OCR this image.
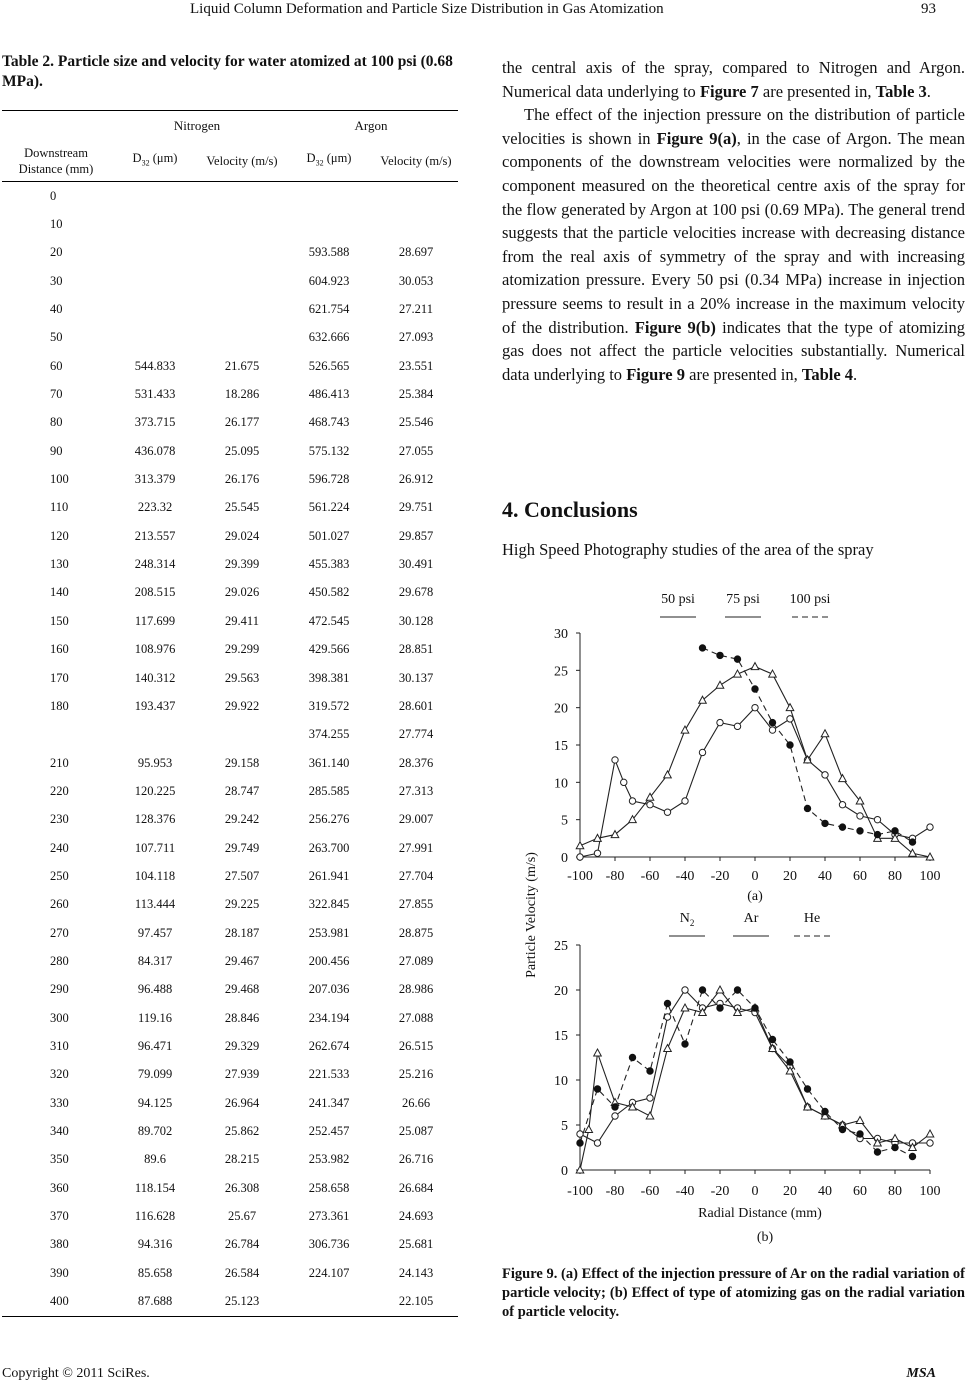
Liquid Column Deformation and Particle Size Distribution in Gas Atomization	93
Table 2. Particle size and velocity for water atomized at 100 psi (0.68 MPa).
	Nitrogen		Argon	
Downstream Distance (mm)	$D_{32}$ (μm)	Velocity (m/s)	$D_{32}$ (μm)	Velocity (m/s)
0				
10				
20			593.588	28.697
30			604.923	30.053
40			621.754	27.211
50			632.666	27.093
60	544.833	21.675	526.565	23.551
70	531.433	18.286	486.413	25.384
80	373.715	26.177	468.743	25.546
90	436.078	25.095	575.132	27.055
100	313.379	26.176	596.728	26.912
110	223.32	25.545	561.224	29.751
120	213.557	29.024	501.027	29.857
130	248.314	29.399	455.383	30.491
140	208.515	29.026	450.582	29.678
150	117.699	29.411	472.545	30.128
160	108.976	29.299	429.566	28.851
170	140.312	29.563	398.381	30.137
180	193.437	29.922	319.572	28.601
			374.255	27.774
210	95.953	29.158	361.140	28.376
220	120.225	28.747	285.585	27.313
230	128.376	29.242	256.276	29.007
240	107.711	29.749	263.700	27.991
250	104.118	27.507	261.941	27.704
260	113.444	29.225	322.845	27.855
270	97.457	28.187	253.981	28.875
280	84.317	29.467	200.456	27.089
290	96.488	29.468	207.036	28.986
300	119.16	28.846	234.194	27.088
310	96.471	29.329	262.674	26.515
320	79.099	27.939	221.533	25.216
330	94.125	26.964	241.347	26.66
340	89.702	25.862	252.457	25.087
350	89.6	28.215	253.982	26.716
360	118.154	26.308	258.658	26.684
370	116.628	25.67	273.361	24.693
380	94.316	26.784	306.736	25.681
390	85.658	26.584	224.107	24.143
400	87.688	25.123		22.105

the central axis of the spray, compared to Nitrogen and Argon. Numerical data underlying to Figure 7 are presented in, Table 3.

The effect of the injection pressure on the distribution of particle velocities is shown in Figure 9(a), in the case of Argon. The mean components of the downstream velocities were normalized by the component measured on the theoretical centre axis of the spray for the flow generated by Argon at 100 psi (0.69 MPa). The general trend suggests that the particle velocities increase with decreasing distance from the real axis of symmetry of the spray and with increasing atomization pressure. Every 50 psi (0.34 MPa) increase in injection pressure seems to result in a 20% increase in the maximum velocity of the distribution. Figure 9(b) indicates that the type of atomizing gas does not affect the particle velocities substantially. Numerical data underlying to Figure 9 are presented in, Table 4.

4. Conclusions
High Speed Photography studies of the area of the spray
0
5
10
15
20
25
30
-100 -80 -60 -40 -20 0 20 40 60 80 100
50 psi 75 psi 100 psi
0
5
10
15
20
25
-100 -80 -60 -40 -20 0 20 40 60 80 100
$N_2$	Ar	He
(a)
Radial Distance (mm)
(b)
Particle Velocity (m/s)
Figure 9. (a) Effect of the injection pressure of Ar on the radial variation of particle velocity; (b) Effect of type of atomizing gas on the radial variation of particle velocity.
Copyright © 2011 SciRes.	MSA
